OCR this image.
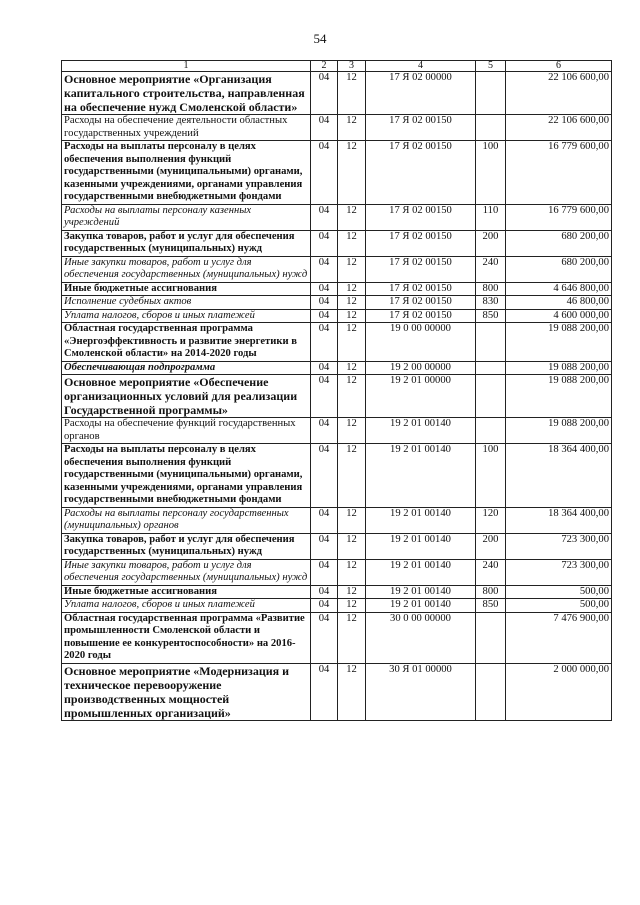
54
1	2	3	4	5	6
Основное мероприятие «Организация капитального строительства, направленная на обеспечение нужд Смоленской области»	04	12	17 Я 02 00000		22 106 600,00
Расходы на обеспечение деятельности областных государственных учреждений	04	12	17 Я 02 00150		22 106 600,00
Расходы на выплаты персоналу в целях обеспечения выполнения функций государственными (муниципальными) органами, казенными учреждениями, органами управления государственными внебюджетными фондами	04	12	17 Я 02 00150	100	16 779 600,00
Расходы на выплаты персоналу казенных учреждений	04	12	17 Я 02 00150	110	16 779 600,00
Закупка товаров, работ и услуг для обеспечения государственных (муниципальных) нужд	04	12	17 Я 02 00150	200	680 200,00
Иные закупки товаров, работ и услуг для обеспечения государственных (муниципальных) нужд	04	12	17 Я 02 00150	240	680 200,00
Иные бюджетные ассигнования	04	12	17 Я 02 00150	800	4 646 800,00
Исполнение судебных актов	04	12	17 Я 02 00150	830	46 800,00
Уплата налогов, сборов и иных платежей	04	12	17 Я 02 00150	850	4 600 000,00
Областная государственная программа «Энергоэффективность и развитие энергетики в Смоленской области» на 2014-2020 годы	04	12	19 0 00 00000		19 088 200,00
Обеспечивающая подпрограмма	04	12	19 2 00 00000		19 088 200,00
Основное мероприятие «Обеспечение организационных условий для реализации Государственной программы»	04	12	19 2 01 00000		19 088 200,00
Расходы на обеспечение функций государственных органов	04	12	19 2 01 00140		19 088 200,00
Расходы на выплаты персоналу в целях обеспечения выполнения функций государственными (муниципальными) органами, казенными учреждениями, органами управления государственными внебюджетными фондами	04	12	19 2 01 00140	100	18 364 400,00
Расходы на выплаты персоналу государственных (муниципальных) органов	04	12	19 2 01 00140	120	18 364 400,00
Закупка товаров, работ и услуг для обеспечения государственных (муниципальных) нужд	04	12	19 2 01 00140	200	723 300,00
Иные закупки товаров, работ и услуг для обеспечения государственных (муниципальных) нужд	04	12	19 2 01 00140	240	723 300,00
Иные бюджетные ассигнования	04	12	19 2 01 00140	800	500,00
Уплата налогов, сборов и иных платежей	04	12	19 2 01 00140	850	500,00
Областная государственная программа «Развитие промышленности Смоленской области и повышение ее конкурентоспособности» на 2016-2020 годы	04	12	30 0 00 00000		7 476 900,00
Основное мероприятие «Модернизация и техническое перевооружение производственных мощностей промышленных организаций»	04	12	30 Я 01 00000		2 000 000,00
